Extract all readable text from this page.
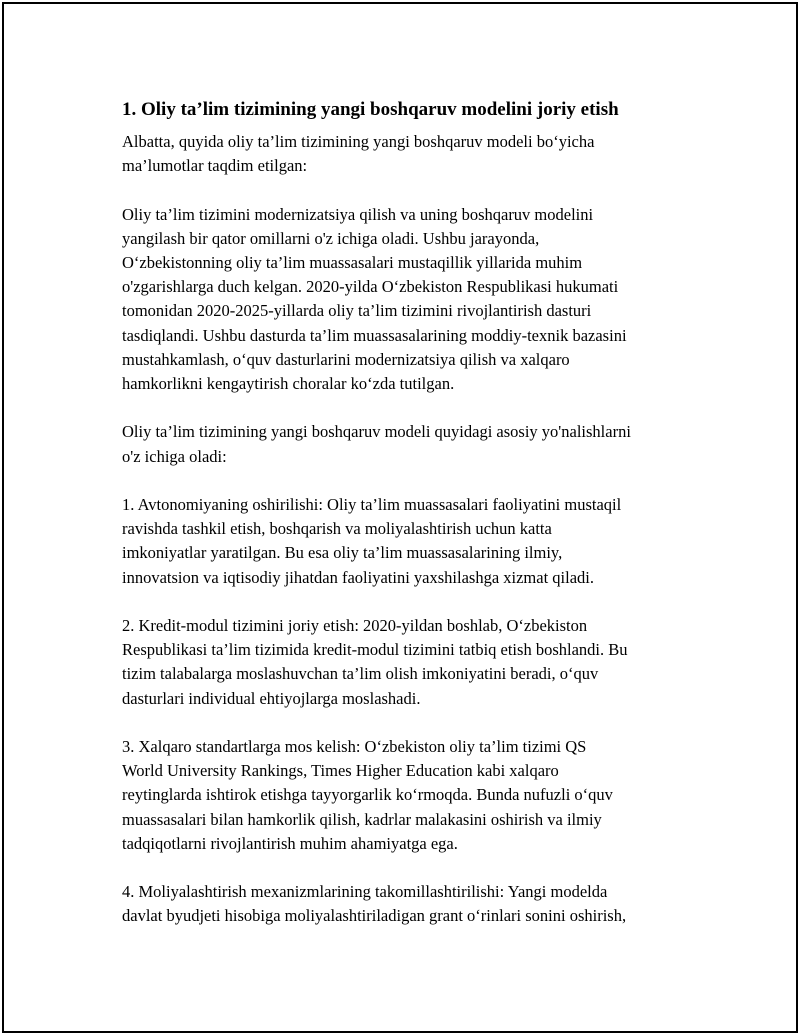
1. Oliy ta’lim tizimining yangi boshqaruv modelini joriy etish
Albatta, quyida oliy ta’lim tizimining yangi boshqaruv modeli bo‘yicha
ma’lumotlar taqdim etilgan:
Oliy ta’lim tizimini modernizatsiya qilish va uning boshqaruv modelini
yangilash bir qator omillarni o'z ichiga oladi. Ushbu jarayonda,
O‘zbekistonning oliy ta’lim muassasalari mustaqillik yillarida muhim
o'zgarishlarga duch kelgan. 2020-yilda O‘zbekiston Respublikasi hukumati
tomonidan 2020-2025-yillarda oliy ta’lim tizimini rivojlantirish dasturi
tasdiqlandi. Ushbu dasturda ta’lim muassasalarining moddiy-texnik bazasini
mustahkamlash, o‘quv dasturlarini modernizatsiya qilish va xalqaro
hamkorlikni kengaytirish choralar ko‘zda tutilgan.
Oliy ta’lim tizimining yangi boshqaruv modeli quyidagi asosiy yo'nalishlarni
o'z ichiga oladi:
1. Avtonomiyaning oshirilishi: Oliy ta’lim muassasalari faoliyatini mustaqil
ravishda tashkil etish, boshqarish va moliyalashtirish uchun katta
imkoniyatlar yaratilgan. Bu esa oliy ta’lim muassasalarining ilmiy,
innovatsion va iqtisodiy jihatdan faoliyatini yaxshilashga xizmat qiladi.
2. Kredit-modul tizimini joriy etish: 2020-yildan boshlab, O‘zbekiston
Respublikasi ta’lim tizimida kredit-modul tizimini tatbiq etish boshlandi. Bu
tizim talabalarga moslashuvchan ta’lim olish imkoniyatini beradi, o‘quv
dasturlari individual ehtiyojlarga moslashadi.
3. Xalqaro standartlarga mos kelish: O‘zbekiston oliy ta’lim tizimi QS
World University Rankings, Times Higher Education kabi xalqaro
reytinglarda ishtirok etishga tayyorgarlik ko‘rmoqda. Bunda nufuzli o‘quv
muassasalari bilan hamkorlik qilish, kadrlar malakasini oshirish va ilmiy
tadqiqotlarni rivojlantirish muhim ahamiyatga ega.
4. Moliyalashtirish mexanizmlarining takomillashtirilishi: Yangi modelda
davlat byudjeti hisobiga moliyalashtiriladigan grant o‘rinlari sonini oshirish,
